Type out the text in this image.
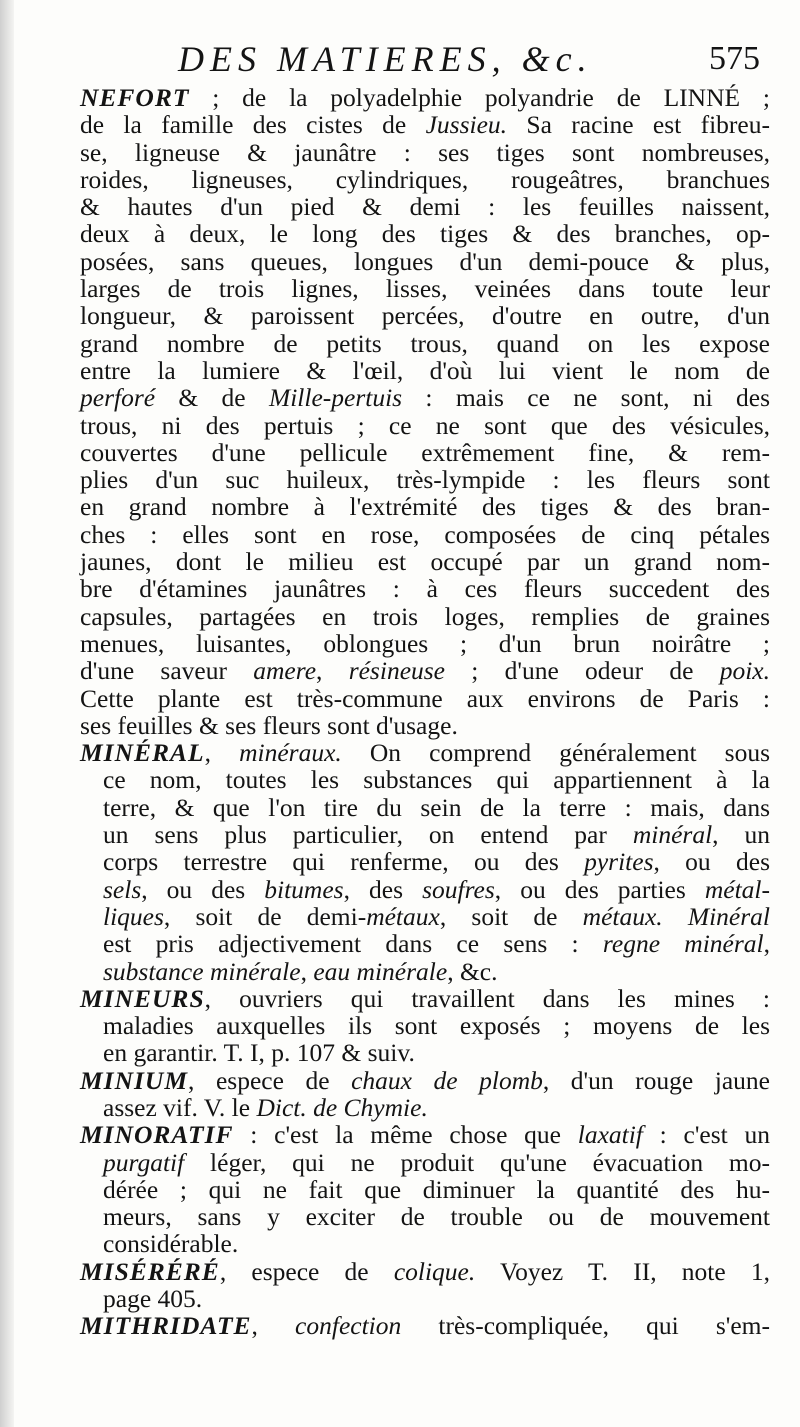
DES MATIERES, &c.	575
NEFORT ; de la polyadelphie polyandrie de LINNÉ ;
de la famille des cistes de Jussieu. Sa racine est fibreu-
se, ligneuse & jaunâtre : ses tiges sont nombreuses,
roides, ligneuses, cylindriques, rougeâtres, branchues
& hautes d'un pied & demi : les feuilles naissent,
deux à deux, le long des tiges & des branches, op-
posées, sans queues, longues d'un demi-pouce & plus,
larges de trois lignes, lisses, veinées dans toute leur
longueur, & paroissent percées, d'outre en outre, d'un
grand nombre de petits trous, quand on les expose
entre la lumiere & l'œil, d'où lui vient le nom de
perforé & de Mille-pertuis : mais ce ne sont, ni des
trous, ni des pertuis ; ce ne sont que des vésicules,
couvertes d'une pellicule extrêmement fine, & rem-
plies d'un suc huileux, très-lympide : les fleurs sont
en grand nombre à l'extrémité des tiges & des bran-
ches : elles sont en rose, composées de cinq pétales
jaunes, dont le milieu est occupé par un grand nom-
bre d'étamines jaunâtres : à ces fleurs succedent des
capsules, partagées en trois loges, remplies de graines
menues, luisantes, oblongues ; d'un brun noirâtre ;
d'une saveur amere, résineuse ; d'une odeur de poix.
Cette plante est très-commune aux environs de Paris :
ses feuilles & ses fleurs sont d'usage.
MINÉRAL, minéraux. On comprend généralement sous
ce nom, toutes les substances qui appartiennent à la
terre, & que l'on tire du sein de la terre : mais, dans
un sens plus particulier, on entend par minéral, un
corps terrestre qui renferme, ou des pyrites, ou des
sels, ou des bitumes, des soufres, ou des parties métal-
liques, soit de demi-métaux, soit de métaux. Minéral
est pris adjectivement dans ce sens : regne minéral,
substance minérale, eau minérale, &c.
MINEURS, ouvriers qui travaillent dans les mines :
maladies auxquelles ils sont exposés ; moyens de les
en garantir. T. I, p. 107 & suiv.
MINIUM, espece de chaux de plomb, d'un rouge jaune
assez vif. V. le Dict. de Chymie.
MINORATIF : c'est la même chose que laxatif : c'est un
purgatif léger, qui ne produit qu'une évacuation mo-
dérée ; qui ne fait que diminuer la quantité des hu-
meurs, sans y exciter de trouble ou de mouvement
considérable.
MISÉRÉRÉ, espece de colique. Voyez T. II, note 1,
page 405.
MITHRIDATE, confection très-compliquée, qui s'em-
